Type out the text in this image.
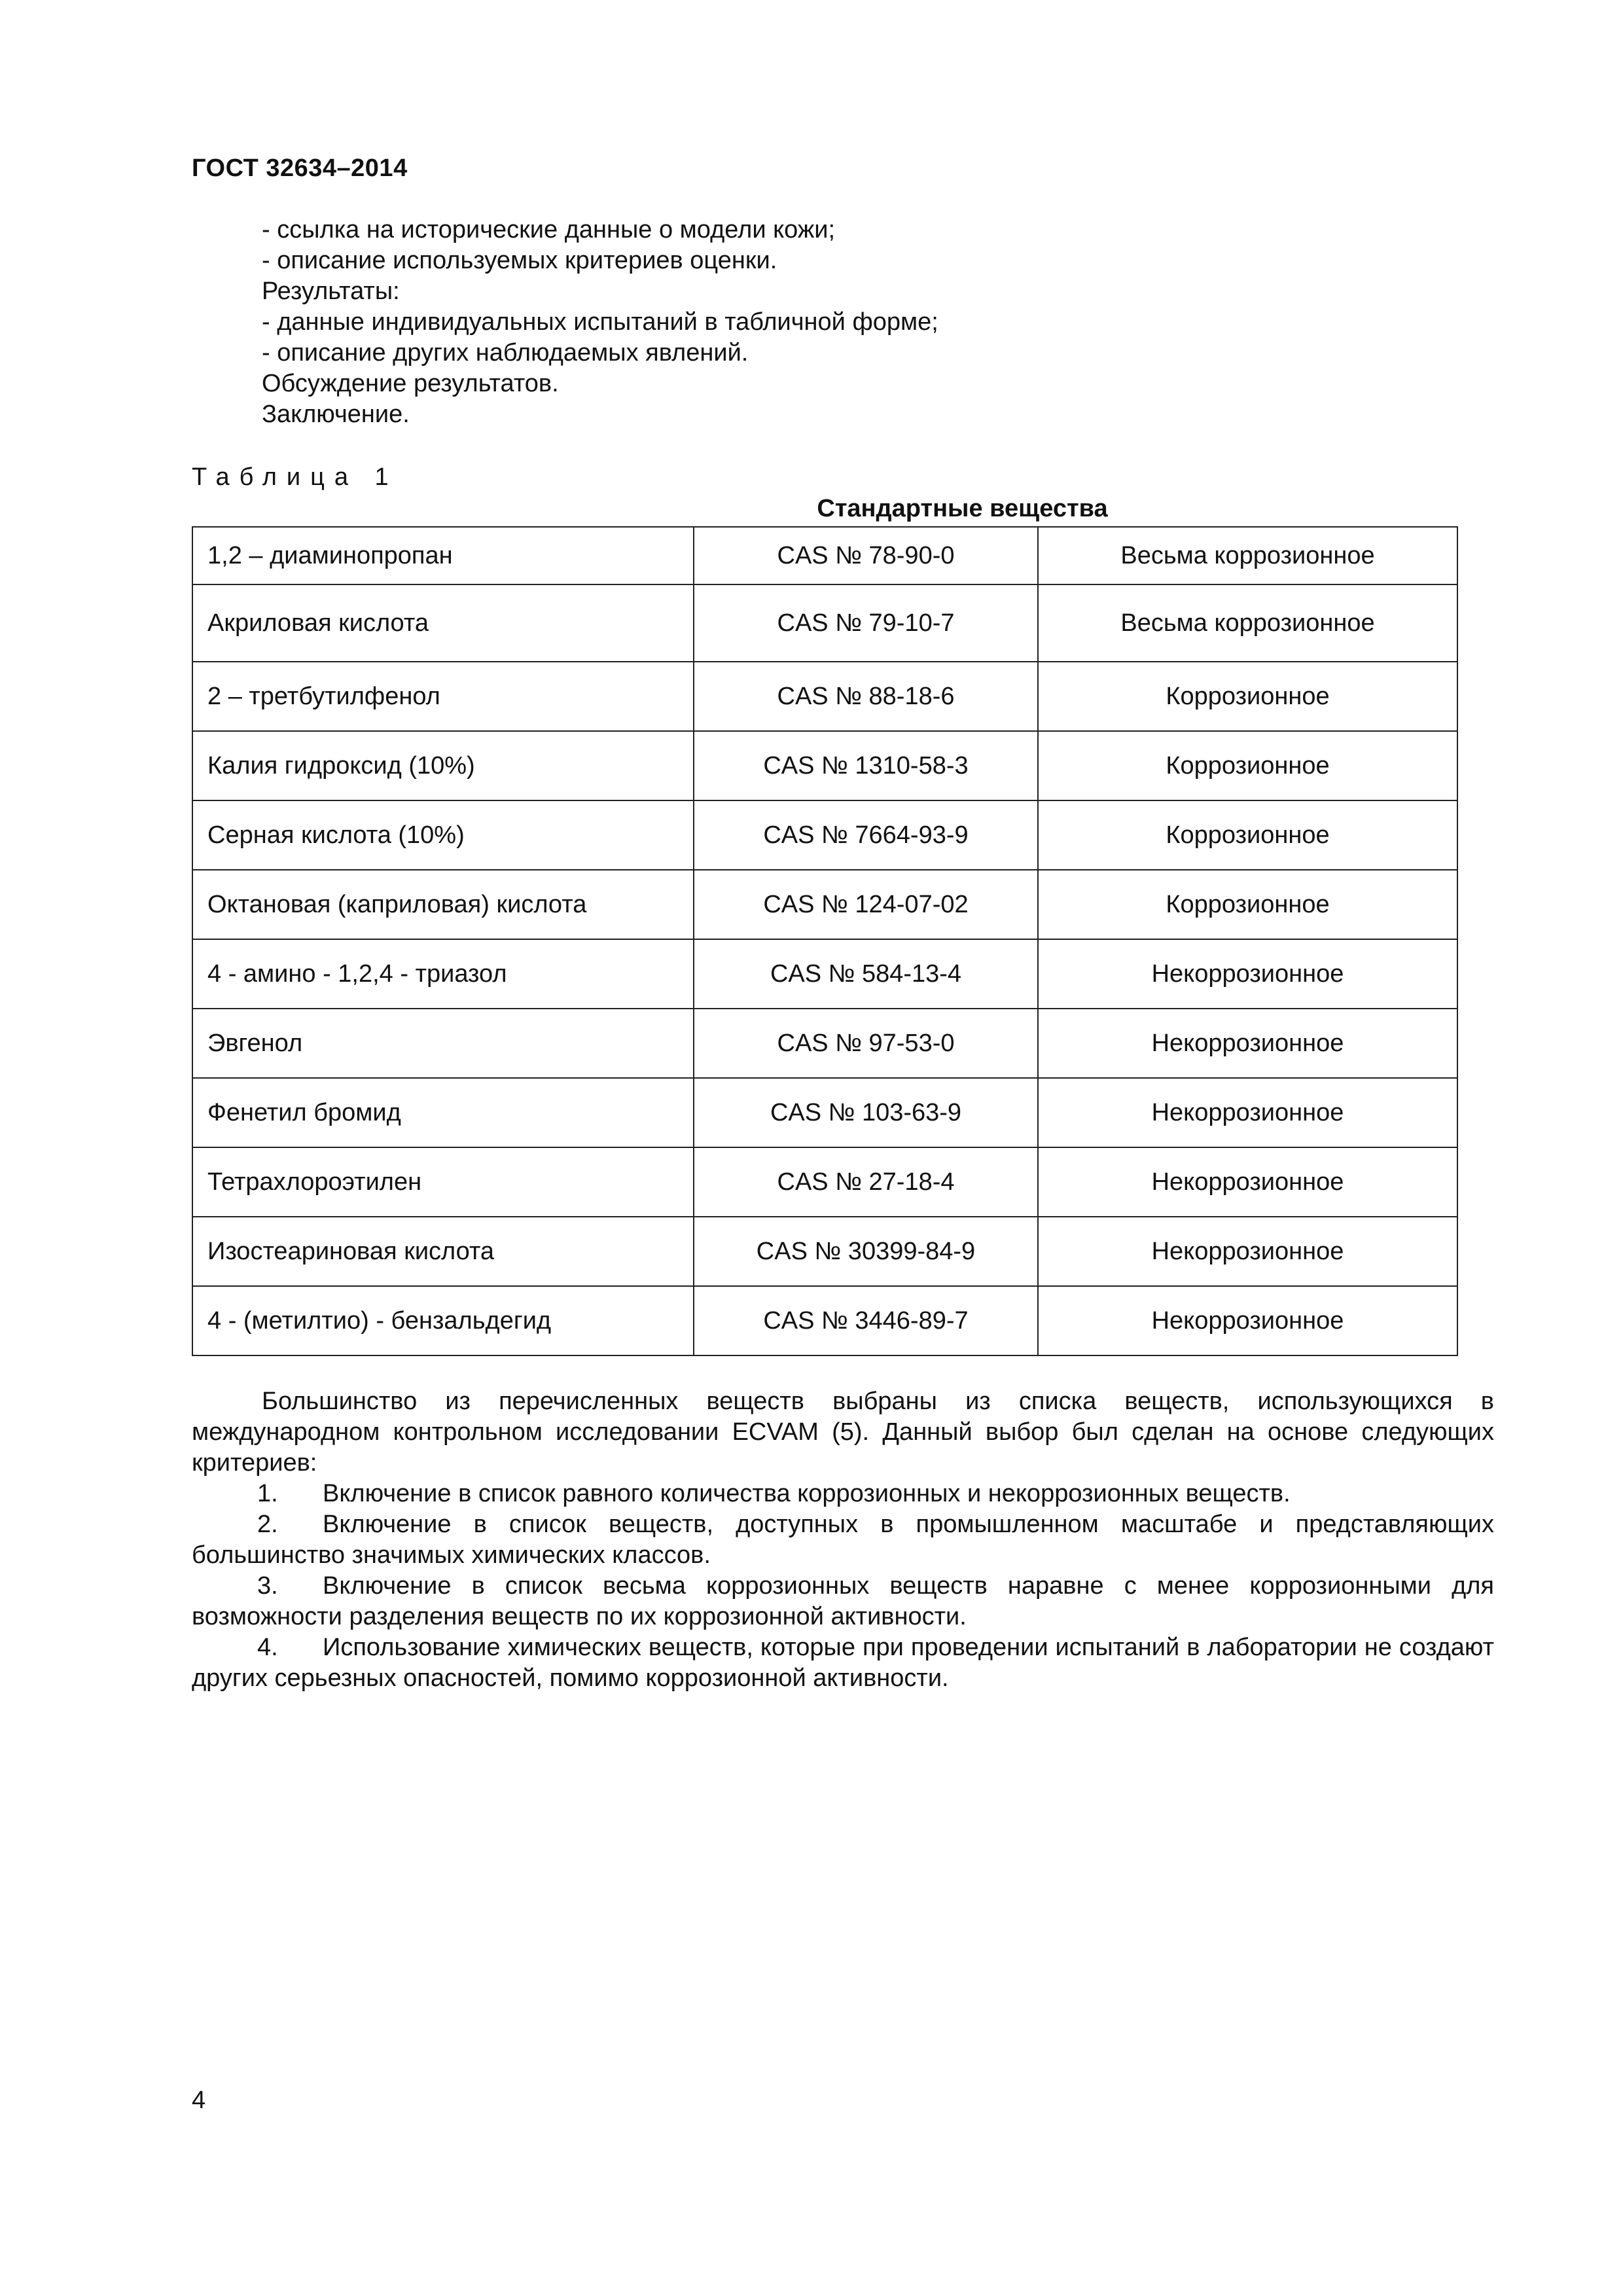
ГОСТ 32634–2014
- ссылка на исторические данные о модели кожи;
- описание используемых критериев оценки.
Результаты:
- данные индивидуальных испытаний в табличной форме;
- описание других наблюдаемых явлений.
Обсуждение результатов.
Заключение.
Таблица 1
Стандартные вещества
1,2 – диаминопропан	CAS № 78-90-0	Весьма коррозионное
Акриловая кислота	CAS № 79-10-7	Весьма коррозионное
2 – третбутилфенол	CAS № 88-18-6	Коррозионное
Калия гидроксид (10%)	CAS № 1310-58-3	Коррозионное
Серная кислота (10%)	CAS № 7664-93-9	Коррозионное
Октановая (каприловая) кислота	CAS № 124-07-02	Коррозионное
4 - амино - 1,2,4 - триазол	CAS № 584-13-4	Некоррозионное
Эвгенол	CAS № 97-53-0	Некоррозионное
Фенетил бромид	CAS № 103-63-9	Некоррозионное
Тетрахлороэтилен	CAS № 27-18-4	Некоррозионное
Изостеариновая кислота	CAS № 30399-84-9	Некоррозионное
4 - (метилтио) - бензальдегид	CAS № 3446-89-7	Некоррозионное

Большинство из перечисленных веществ выбраны из списка веществ, использующихся в международном контрольном исследовании ECVAM (5). Данный выбор был сделан на основе следующих критериев:

1. Включение в список равного количества коррозионных и некоррозионных веществ.

2. Включение в список веществ, доступных в промышленном масштабе и представляющих большинство значимых химических классов.

3. Включение в список весьма коррозионных веществ наравне с менее коррозионными для возможности разделения веществ по их коррозионной активности.

4. Использование химических веществ, которые при проведении испытаний в лаборатории не создают других серьезных опасностей, помимо коррозионной активности.

4
